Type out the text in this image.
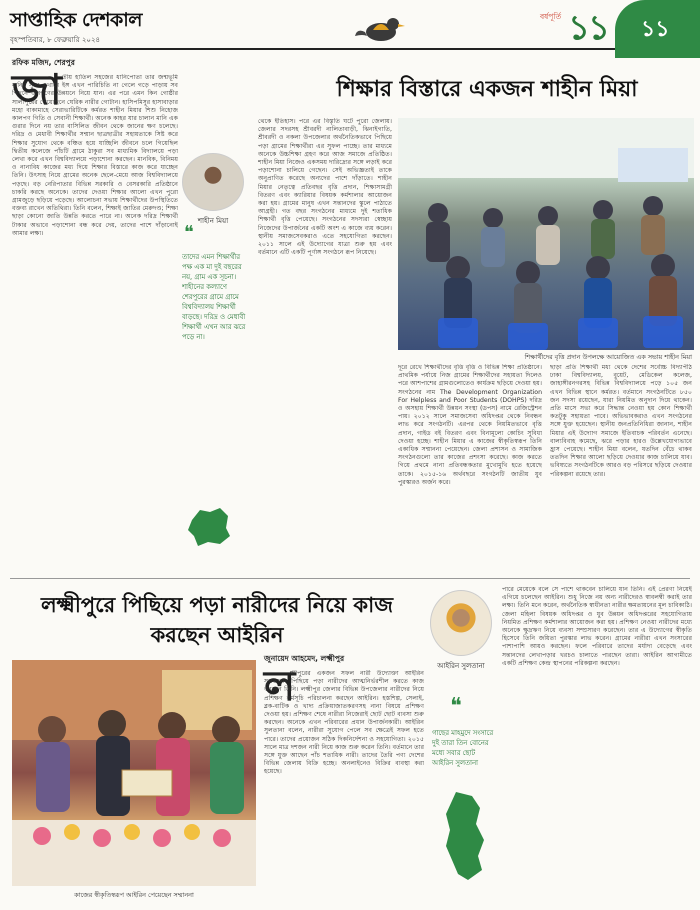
সাপ্তাহিক দেশকাল
বৃহস্পতিবার, ৮ ফেব্রুয়ারি ২০২৪
বর্ষপূর্তি ১১	১১
রফিক মজিদ, শেরপুর
জা তীয় হাতিল সহজের ধানিপোতা তার জন্মভূমি ধানির সুতা এখানে ইঙ্গ এখন পারিচিতি না গেলে গড়ে পাড়ায় সব পিছনে জনগণের উন্নয়নে নিয়ে যান। এর পরে এমন কিন গোষ্ঠীর সালাপুরের পেয়েছেনে ঘেরিক নারীর গোটান। হাসিপমিসুর হাসাবাড়ার মহো বাকামাহে সেরাভারিটিকে কর্মরত শাহীন মিয়ার শিশু নিহোজ কালপণ গিতি ও সেবানী শিক্ষার্থী। অনেক কাহর যার চালান মানি এক গুরার দিনে নয় তার বাসিলিত জীবন থেকে জানের ক্ষণ চলেছে। দরিদ্র ও মেধাবী শিক্ষার্থীর সন্মান ছাত্রছাত্রীর সহায়তাকে সিষ্ট করে শিক্ষার সুযোগ থেকে বঞ্চিত হয়ে যাচ্ছিলি জীবনে চলে গিয়েছিল দ্বিতীয় কলেজে পাঁচটি গ্রামে ঠাকুরা সব মাধ্যমিক বিদ্যালয়ে পড়া লেখা করে এখন বিশ্ববিদ্যালয়ে পড়াশোনা করছেন। মানবিক, বিনিময় ও নানাবিধ কাজের মধ্য দিয়ে শিক্ষার বিস্তারে কাজ করে যাচ্ছেন তিনি। উৎসাহ নিয়ে গ্রামের অনেক ছেলে-মেয়ে আজ বিশ্ববিদ্যালয়ে পড়ছে। বড় নেরিপাতার বিভিন্ন সরকারি ও বেসরকারি প্রতিষ্ঠানে চাকরি করছে অনেকে। তাদের দেওয়া শিক্ষার আলো এখন পুরো গ্রামজুড়ে ছড়িয়ে পড়েছে। আলোচনা সভায় শিক্ষার্থীদের উপস্থিতিতে বক্তব্য রাখেন অতিথিরা। তিনি বলেন, শিক্ষাই জাতির মেরুদণ্ড; শিক্ষা ছাড়া কোনো জাতি উন্নতি করতে পারে না। অনেক দরিদ্র শিক্ষার্থী টাকার অভাবে পড়াশোনা বন্ধ করে দেয়, তাদের পাশে দাঁড়ানোই আমার লক্ষ্য।
শাহীন মিয়া
❝
তাদের এমন শিক্ষার্থীর পক্ষ এক মা দুই বছরের নয়, গ্রাম এক সূচনা। শাহীনের কল্যাণে শেরপুরের গ্রামে গ্রামে বিশ্ববিদ্যালয় শিক্ষার্থী বাড়ছে। দরিদ্র ও মেধাবী শিক্ষার্থী এখন আর ঝরে পড়ে না।
থেকে ইতিহাস। পরে এর বিস্তৃতি ঘটে পুরো জেলায়। জেলার সদরসহ শ্রীবরদী নালিতাবাড়ী, ঝিনাইগাতি, শ্রীবরদী ও নকলা উপজেলার অর্থনৈতিকভাবে পিছিয়ে পড়া গ্রামের শিক্ষার্থীরা এর সুফল পাচ্ছে। তার মাধ্যমে অনেকে উচ্চশিক্ষা গ্রহণ করে আজ সমাজে প্রতিষ্ঠিত। শাহীন মিয়া নিজেও একসময় দারিদ্র্যের সঙ্গে লড়াই করে পড়াশোনা চালিয়ে গেছেন। সেই অভিজ্ঞতাই তাকে অনুপ্রাণিত করেছে অন্যদের পাশে দাঁড়াতে। শাহীন মিয়ার নেতৃত্বে প্রতিবছর বৃত্তি প্রদান, শিক্ষাসামগ্রী বিতরণ এবং ক্যারিয়ার বিষয়ক কর্মশালার আয়োজন করা হয়। গ্রামের মানুষ এখন সন্তানদের স্কুলে পাঠাতে আগ্রহী। গত বছর সংগঠনের মাধ্যমে দুই শতাধিক শিক্ষার্থী বৃত্তি পেয়েছে। সংগঠনের সদস্যরা স্বেচ্ছায় নিজেদের উপার্জনের একটি অংশ এ কাজে ব্যয় করেন। স্থানীয় সমাজসেবকরাও এতে সহযোগিতা করছেন। ২০১১ সালে এই উদ্যোগের যাত্রা শুরু হয় এবং বর্তমানে এটি একটি পূর্ণাঙ্গ সংগঠনে রূপ নিয়েছে।
শিক্ষার বিস্তারে একজন শাহীন মিয়া
শিক্ষার্থীদের বৃত্তি প্রদান উপলক্ষে আয়োজিত এক সভায় শাহীন মিয়া
দূরে রেখে শিক্ষার্থীদের বৃত্তি বৃত্তি ও বিভিন্ন শিক্ষা প্রতিষ্ঠানে। প্রাথমিক পর্যায়ে নিজ গ্রামের শিক্ষার্থীদের সহায়তা দিলেও পরে আশপাশের গ্রামগুলোতেও কার্যক্রম ছড়িয়ে দেওয়া হয়। সংগঠনের নাম The Development Organization For Helpless and Poor Students (DOHPS) দরিদ্র ও অসহায় শিক্ষার্থী উন্নয়ন সংস্থা (ডপস) নামে রেজিস্ট্রেশন পায়। ২০১২ সালে সমাজসেবা অধিদপ্তর থেকে নিবন্ধন লাভ করে সংগঠনটি। এরপর থেকে নিয়মিতভাবে বৃত্তি প্রদান, গাইড বই বিতরণ এবং বিনামূল্যে কোচিং সুবিধা দেওয়া হচ্ছে। শাহীন মিয়ার এ কাজের স্বীকৃতিস্বরূপ তিনি একাধিক সম্মাননা পেয়েছেন। জেলা প্রশাসন ও সামাজিক সংগঠনগুলো তার কাজের প্রশংসা করেছে। কাজ করতে গিয়ে প্রথমে নানা প্রতিবন্ধকতার মুখোমুখি হতে হয়েছে তাকে। ২০১৫-১৬ অর্থবছরে সংগঠনটি জাতীয় যুব পুরস্কারও অর্জন করে।
ছাড়া প্রতি শিক্ষার্থী মধ্য থেকে দেশের সর্বোচ্চ বিদ্যাপীঠ ঢাকা বিশ্ববিদ্যালয়, বুয়েট, মেডিকেল কলেজ, জাহাঙ্গীরনগরসহ বিভিন্ন বিশ্ববিদ্যালয়ে পড়ে ১০৫ জন এখন বিভিন্ন স্থানে কর্মরত। বর্তমানে সংগঠনটিতে ৮৫০ জন সদস্য রয়েছেন, যারা নিয়মিত অনুদান দিয়ে থাকেন। প্রতি মাসে সভা করে সিদ্ধান্ত নেওয়া হয় কোন শিক্ষার্থী কতটুকু সহায়তা পাবে। অভিভাবকরাও এখন সংগঠনের সঙ্গে যুক্ত হয়েছেন। স্থানীয় জনপ্রতিনিধিরা জানান, শাহীন মিয়ার এই উদ্যোগ সমাজে ইতিবাচক পরিবর্তন এনেছে। বাল্যবিবাহ কমেছে, ঝরে পড়ার হারও উল্লেখযোগ্যভাবে হ্রাস পেয়েছে। শাহীন মিয়া বলেন, যতদিন বেঁচে থাকব ততদিন শিক্ষার আলো ছড়িয়ে দেওয়ার কাজ চালিয়ে যাব। ভবিষ্যতে সংগঠনটিকে আরও বড় পরিসরে ছড়িয়ে দেওয়ার পরিকল্পনা রয়েছে তার।
লক্ষ্মীপুরে পিছিয়ে পড়া নারীদের নিয়ে কাজ করছেন আইরিন
কাজের স্বীকৃতিস্বরূপ আইরিন পেয়েছেন সম্মাননা
জুনায়েদ আহমেদ, লক্ষ্মীপুর
ল
ক্ষ্মীপুরের একজন সফল নারী উদ্যোক্তা আইরিন সুলতানা। পিছিয়ে পড়া নারীদের আত্মনির্ভরশীল করতে কাজ করছেন তিনি। লক্ষ্মীপুর জেলার বিভিন্ন উপজেলার নারীদের নিয়ে প্রশিক্ষণ কর্মসূচি পরিচালনা করছেন আইরিন। হস্তশিল্প, সেলাই, ব্লক-বাটিক ও খাদ্য প্রক্রিয়াজাতকরণসহ নানা বিষয়ে প্রশিক্ষণ দেওয়া হয়। প্রশিক্ষণ শেষে নারীরা নিজেরাই ছোট ছোট ব্যবসা শুরু করছেন। অনেকে এখন পরিবারের প্রধান উপার্জনকারী। আইরিন সুলতানা বলেন, নারীরা সুযোগ পেলে সব ক্ষেত্রেই সফল হতে পারে। তাদের প্রয়োজন সঠিক দিকনির্দেশনা ও সহযোগিতা। ২০১৫ সালে মাত্র দশজন নারী নিয়ে কাজ শুরু করেন তিনি। বর্তমানে তার সঙ্গে যুক্ত আছেন পাঁচ শতাধিক নারী। তাদের তৈরি পণ্য দেশের বিভিন্ন জেলায় বিক্রি হচ্ছে। অনলাইনেও বিক্রির ব্যবস্থা করা হয়েছে।
আইরিন সুলতানা
❝
গাছের মাহমুদে সংসারে দুই তারা তিন বোনের মধ্যে সবার ছোট আইরিন সুলতানা
পারে মেয়েকে বলে সে পাশে থাকবেন চালিয়ে যান তিনি। এই প্রেরণা নিয়েই এগিয়ে চলেছেন আইরিন। শুধু নিজে নয় অন্য নারীদেরও স্বাবলম্বী করাই তার লক্ষ্য। তিনি মনে করেন, অর্থনৈতিক স্বাধীনতা নারীর ক্ষমতায়নের মূল চাবিকাঠি। জেলা মহিলা বিষয়ক অধিদপ্তর ও যুব উন্নয়ন অধিদপ্তরের সহযোগিতায় নিয়মিত প্রশিক্ষণ কর্মশালার আয়োজন করা হয়। প্রশিক্ষণ নেওয়া নারীদের মধ্যে অনেকে ক্ষুদ্রঋণ নিয়ে ব্যবসা সম্প্রসারণ করেছেন। তার এ উদ্যোগের স্বীকৃতি হিসেবে তিনি জয়িতা পুরস্কার লাভ করেন। গ্রামের নারীরা এখন সংসারের পাশাপাশি আয়ও করছেন। ফলে পরিবারে তাদের মর্যাদা বেড়েছে এবং সন্তানদের লেখাপড়ার খরচও চালাতে পারছেন তারা। আইরিন আগামীতে একটি প্রশিক্ষণ কেন্দ্র স্থাপনের পরিকল্পনা করছেন।
